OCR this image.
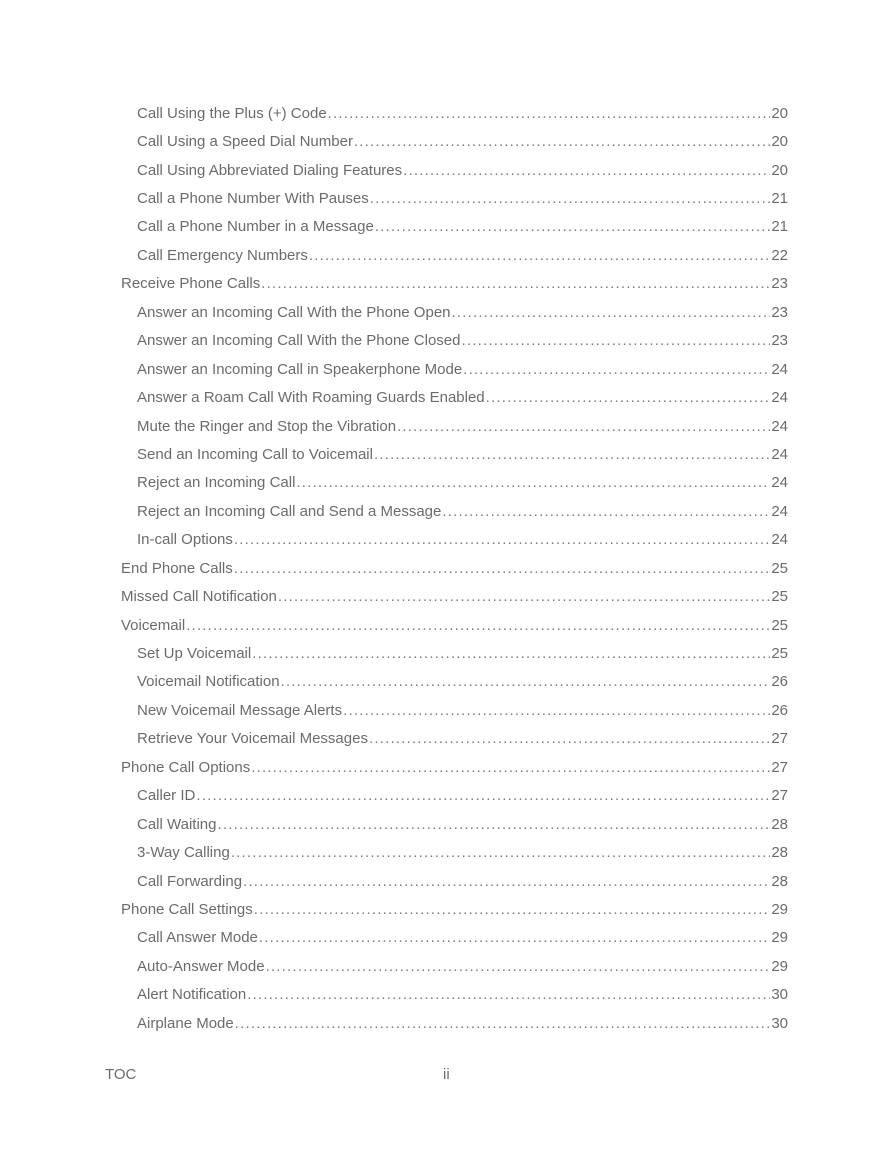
Call Using the Plus (+) Code .....	20
Call Using a Speed Dial Number .....	20
Call Using Abbreviated Dialing Features .....	20
Call a Phone Number With Pauses .....	21
Call a Phone Number in a Message .....	21
Call Emergency Numbers .....	22
Receive Phone Calls .....	23
Answer an Incoming Call With the Phone Open .....	23
Answer an Incoming Call With the Phone Closed .....	23
Answer an Incoming Call in Speakerphone Mode .....	24
Answer a Roam Call With Roaming Guards Enabled .....	24
Mute the Ringer and Stop the Vibration .....	24
Send an Incoming Call to Voicemail .....	24
Reject an Incoming Call .....	24
Reject an Incoming Call and Send a Message .....	24
In-call Options .....	24
End Phone Calls .....	25
Missed Call Notification .....	25
Voicemail .....	25
Set Up Voicemail .....	25
Voicemail Notification .....	26
New Voicemail Message Alerts .....	26
Retrieve Your Voicemail Messages .....	27
Phone Call Options .....	27
Caller ID .....	27
Call Waiting .....	28
3-Way Calling .....	28
Call Forwarding .....	28
Phone Call Settings .....	29
Call Answer Mode .....	29
Auto-Answer Mode .....	29
Alert Notification .....	30
Airplane Mode .....	30
TOC	ii
